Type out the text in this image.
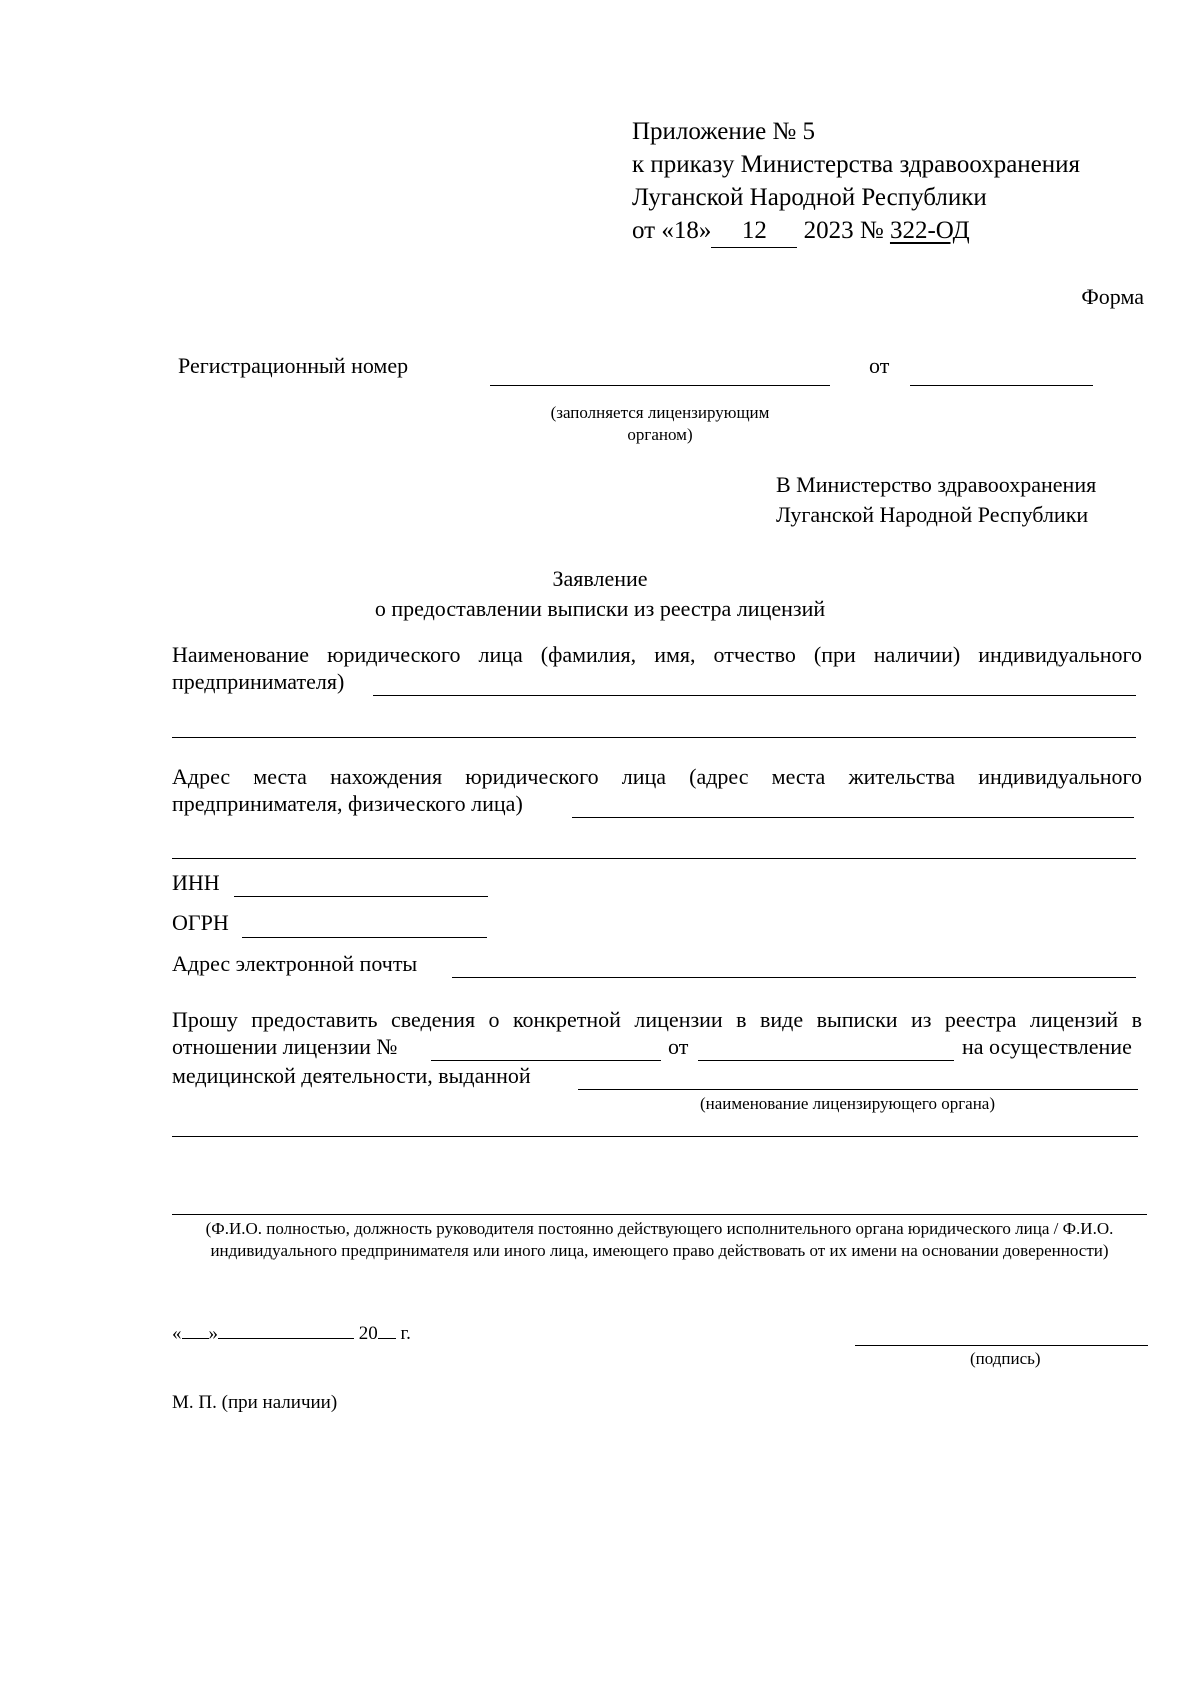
Приложение № 5
к приказу Министерства здравоохранения
Луганской Народной Республики
от «18» 12 2023 № 322-ОД
Форма
Регистрационный номер	от
(заполняется лицензирующим органом)
В Министерство здравоохранения
Луганской Народной Республики
Заявление
о предоставлении выписки из реестра лицензий
Наименование юридического лица (фамилия, имя, отчество (при наличии) индивидуального
предпринимателя)
Адрес места нахождения юридического лица (адрес места жительства индивидуального
предпринимателя, физического лица)
ИНН
ОГРН
Адрес электронной почты
Прошу предоставить сведения о конкретной лицензии в виде выписки из реестра лицензий в
отношении лицензии №	от	на осуществление
медицинской деятельности, выданной
(наименование лицензирующего органа)
(Ф.И.О. полностью, должность руководителя постоянно действующего исполнительного органа юридического лица / Ф.И.О. индивидуального предпринимателя или иного лица, имеющего право действовать от их имени на основании доверенности)
« »	20 г.
(подпись)
М. П. (при наличии)
